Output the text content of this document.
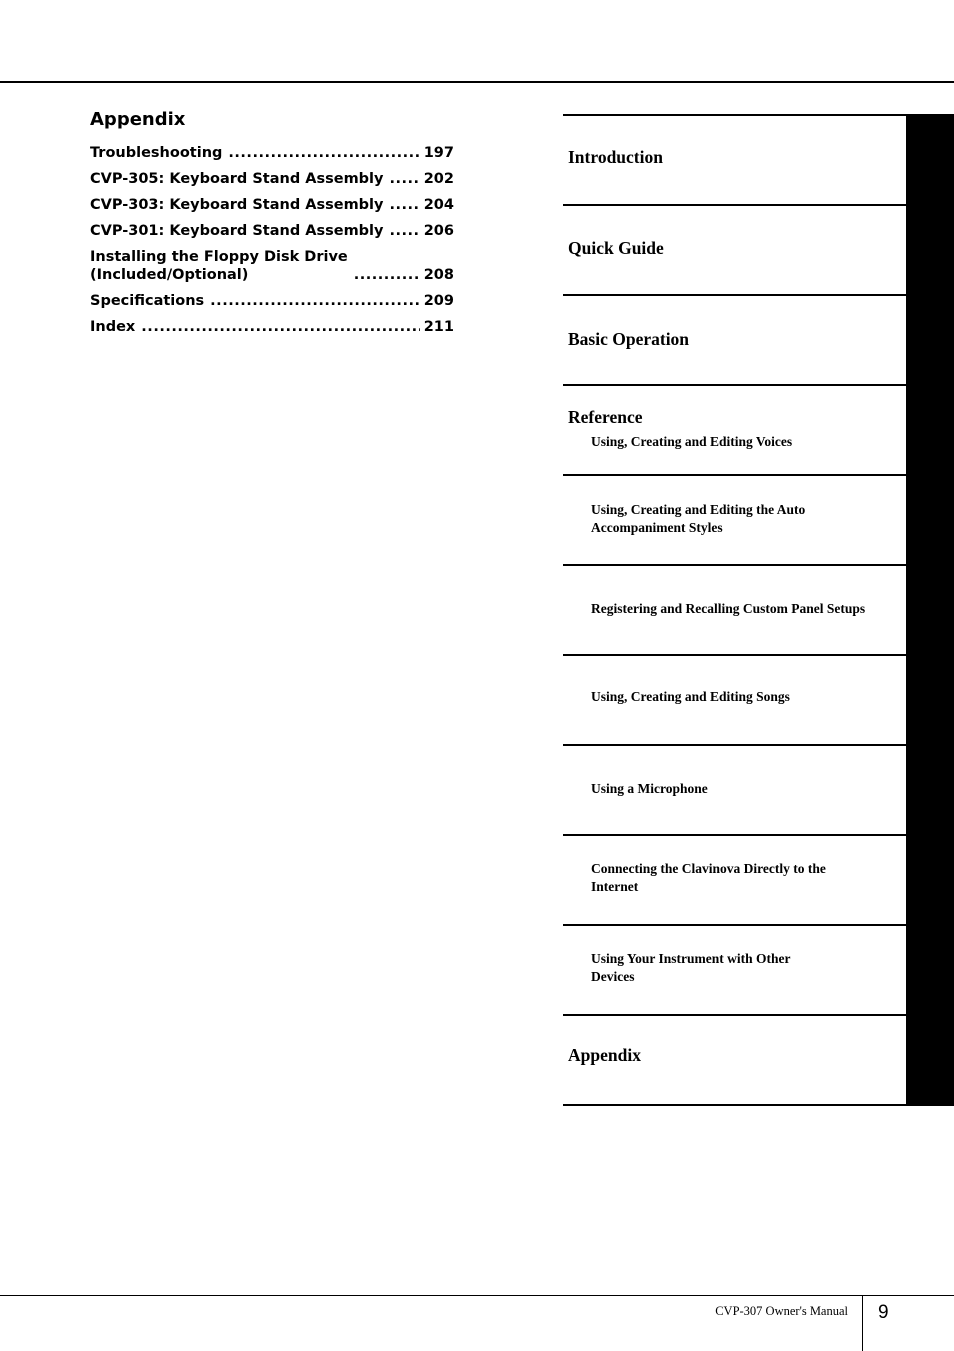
Appendix
Troubleshooting .....	197
CVP-305: Keyboard Stand Assembly .....	202
CVP-303: Keyboard Stand Assembly .....	204
CVP-301: Keyboard Stand Assembly .....	206
Installing the Floppy Disk Drive
(Included/Optional) .....	208
Specifications .....	209
Index .....	211
Introduction
Quick Guide
Basic Operation
Reference
Using, Creating and Editing Voices
Using, Creating and Editing the Auto
Accompaniment Styles
Registering and Recalling Custom Panel Setups
Using, Creating and Editing Songs
Using a Microphone
Connecting the Clavinova Directly to the
Internet
Using Your Instrument with Other
Devices
Appendix
CVP-307 Owner's Manual 9
